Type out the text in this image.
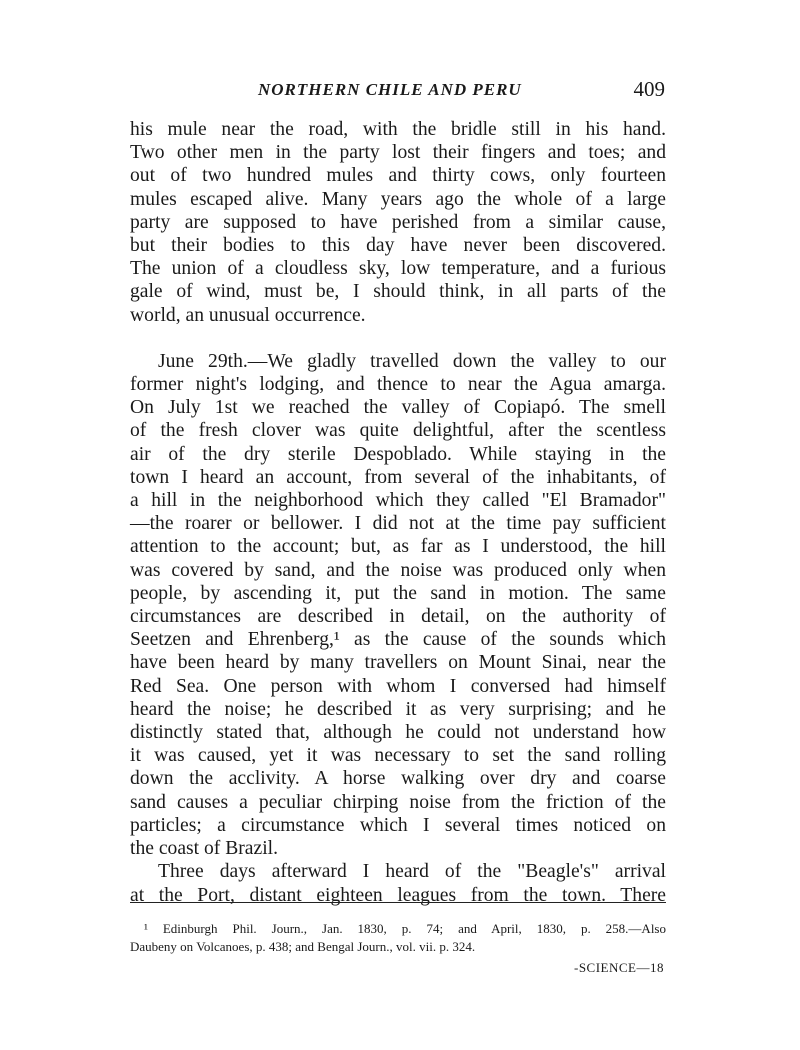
NORTHERN CHILE AND PERU	409
his mule near the road, with the bridle still in his hand.
Two other men in the party lost their fingers and toes; and
out of two hundred mules and thirty cows, only fourteen
mules escaped alive. Many years ago the whole of a large
party are supposed to have perished from a similar cause,
but their bodies to this day have never been discovered.
The union of a cloudless sky, low temperature, and a furious
gale of wind, must be, I should think, in all parts of the
world, an unusual occurrence.
June 29th.—We gladly travelled down the valley to our
former night's lodging, and thence to near the Agua amarga.
On July 1st we reached the valley of Copiapó. The smell
of the fresh clover was quite delightful, after the scentless
air of the dry sterile Despoblado. While staying in the
town I heard an account, from several of the inhabitants, of
a hill in the neighborhood which they called "El Bramador"
—the roarer or bellower. I did not at the time pay sufficient
attention to the account; but, as far as I understood, the hill
was covered by sand, and the noise was produced only when
people, by ascending it, put the sand in motion. The same
circumstances are described in detail, on the authority of
Seetzen and Ehrenberg,¹ as the cause of the sounds which
have been heard by many travellers on Mount Sinai, near the
Red Sea. One person with whom I conversed had himself
heard the noise; he described it as very surprising; and he
distinctly stated that, although he could not understand how
it was caused, yet it was necessary to set the sand rolling
down the acclivity. A horse walking over dry and coarse
sand causes a peculiar chirping noise from the friction of the
particles; a circumstance which I several times noticed on
the coast of Brazil.
Three days afterward I heard of the "Beagle's" arrival
at the Port, distant eighteen leagues from the town. There
¹ Edinburgh Phil. Journ., Jan. 1830, p. 74; and April, 1830, p. 258.—Also
Daubeny on Volcanoes, p. 438; and Bengal Journ., vol. vii. p. 324.
-SCIENCE—18
